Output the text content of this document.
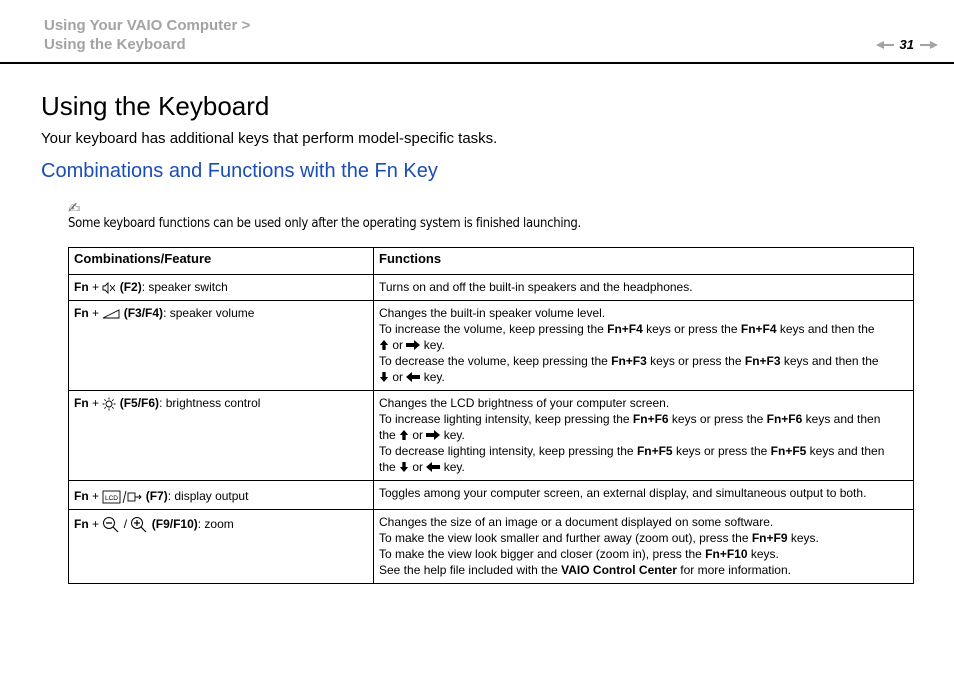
Using Your VAIO Computer >
Using the Keyboard	31
Using the Keyboard

Your keyboard has additional keys that perform model-specific tasks.

Combinations and Functions with the Fn Key
✍
Some keyboard functions can be used only after the operating system is finished launching.
Combinations/Feature	Functions
Fn + (F2): speaker switch	Turns on and off the built-in speakers and the headphones.
Fn + (F3/F4): speaker volume	Changes the built-in speaker volume level.
To increase the volume, keep pressing the Fn+F4 keys or press the Fn+F4 keys and then the
or key.
To decrease the volume, keep pressing the Fn+F3 keys or press the Fn+F3 keys and then the
or key.

Fn + (F5/F6): brightness control	Changes the LCD brightness of your computer screen.
To increase lighting intensity, keep pressing the Fn+F6 keys or press the Fn+F6 keys and then
the or key.
To decrease lighting intensity, keep pressing the Fn+F5 keys or press the Fn+F5 keys and then
the or key.

Fn + LCD (F7): display output	Toggles among your computer screen, an external display, and simultaneous output to both.

Fn + / (F9/F10): zoom	Changes the size of an image or a document displayed on some software.
To make the view look smaller and further away (zoom out), press the Fn+F9 keys.
To make the view look bigger and closer (zoom in), press the Fn+F10 keys.
See the help file included with the VAIO Control Center for more information.
